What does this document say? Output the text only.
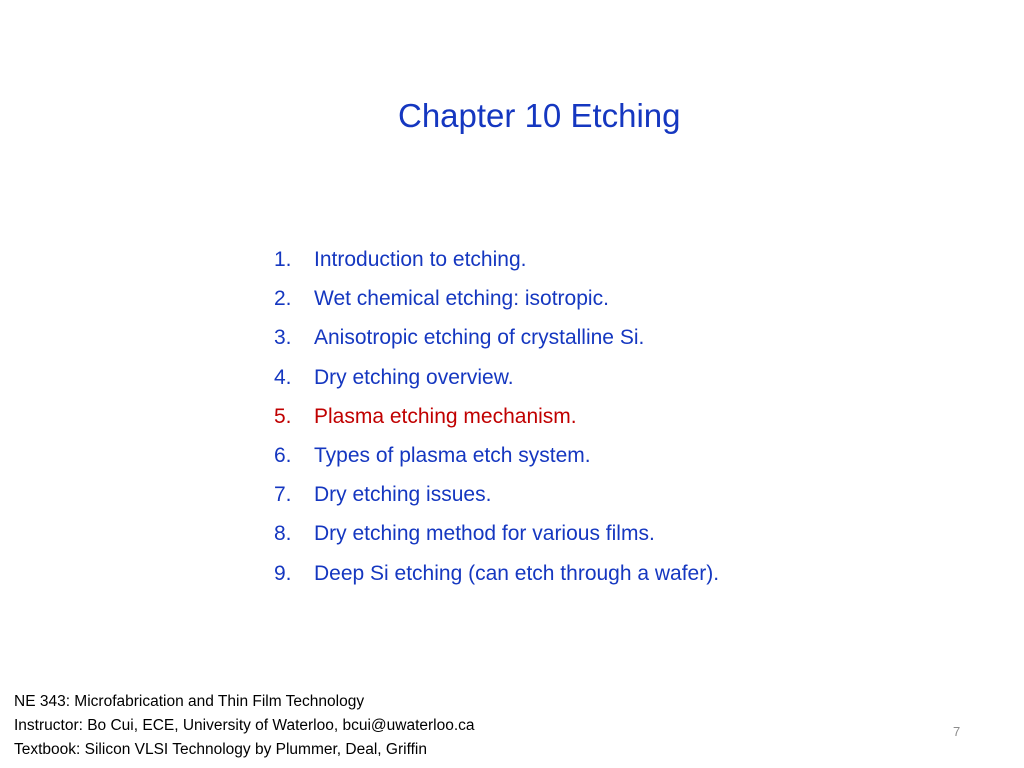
Chapter 10 Etching
1. Introduction to etching.
2. Wet chemical etching: isotropic.
3. Anisotropic etching of crystalline Si.
4. Dry etching overview.
5. Plasma etching mechanism.
6. Types of plasma etch system.
7. Dry etching issues.
8. Dry etching method for various films.
9. Deep Si etching (can etch through a wafer).
NE 343: Microfabrication and Thin Film Technology
Instructor: Bo Cui, ECE, University of Waterloo, bcui@uwaterloo.ca
Textbook: Silicon VLSI Technology by Plummer, Deal, Griffin
7
